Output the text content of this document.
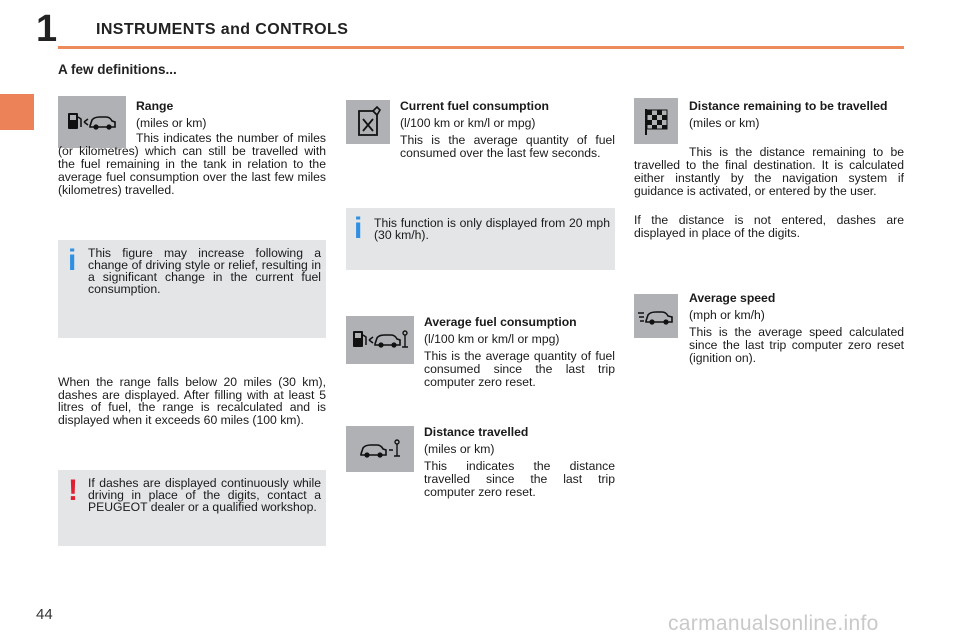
1 INSTRUMENTS and CONTROLS
A few definitions...

Range

(miles or km)

This indicates the number of miles (or kilometres) which can still be travelled with the fuel remaining in the tank in relation to the average fuel consumption over the last few miles (kilometres) travelled.
i This figure may increase following a change of driving style or relief, resulting in a significant change in the current fuel consumption.
When the range falls below 20 miles (30 km), dashes are displayed. After filling with at least 5 litres of fuel, the range is recalculated and is displayed when it exceeds 60 miles (100 km).
! If dashes are displayed continuously while driving in place of the digits, contact a PEUGEOT dealer or a qualified workshop.

Current fuel consumption

(l/100 km or km/l or mpg)

This is the average quantity of fuel consumed over the last few seconds.

i This function is only displayed from 20 mph (30 km/h).

Average fuel consumption

(l/100 km or km/l or mpg)

This is the average quantity of fuel consumed since the last trip computer zero reset.

Distance travelled

(miles or km)

This indicates the distance travelled since the last trip computer zero reset.

Distance remaining to be travelled

(miles or km)

This is the distance remaining to be travelled to the final destination. It is calculated either instantly by the navigation system if guidance is activated, or entered by the user.

If the distance is not entered, dashes are displayed in place of the digits.

Average speed

(mph or km/h)

This is the average speed calculated since the last trip computer zero reset (ignition on).

44	carmanualsonline.info
